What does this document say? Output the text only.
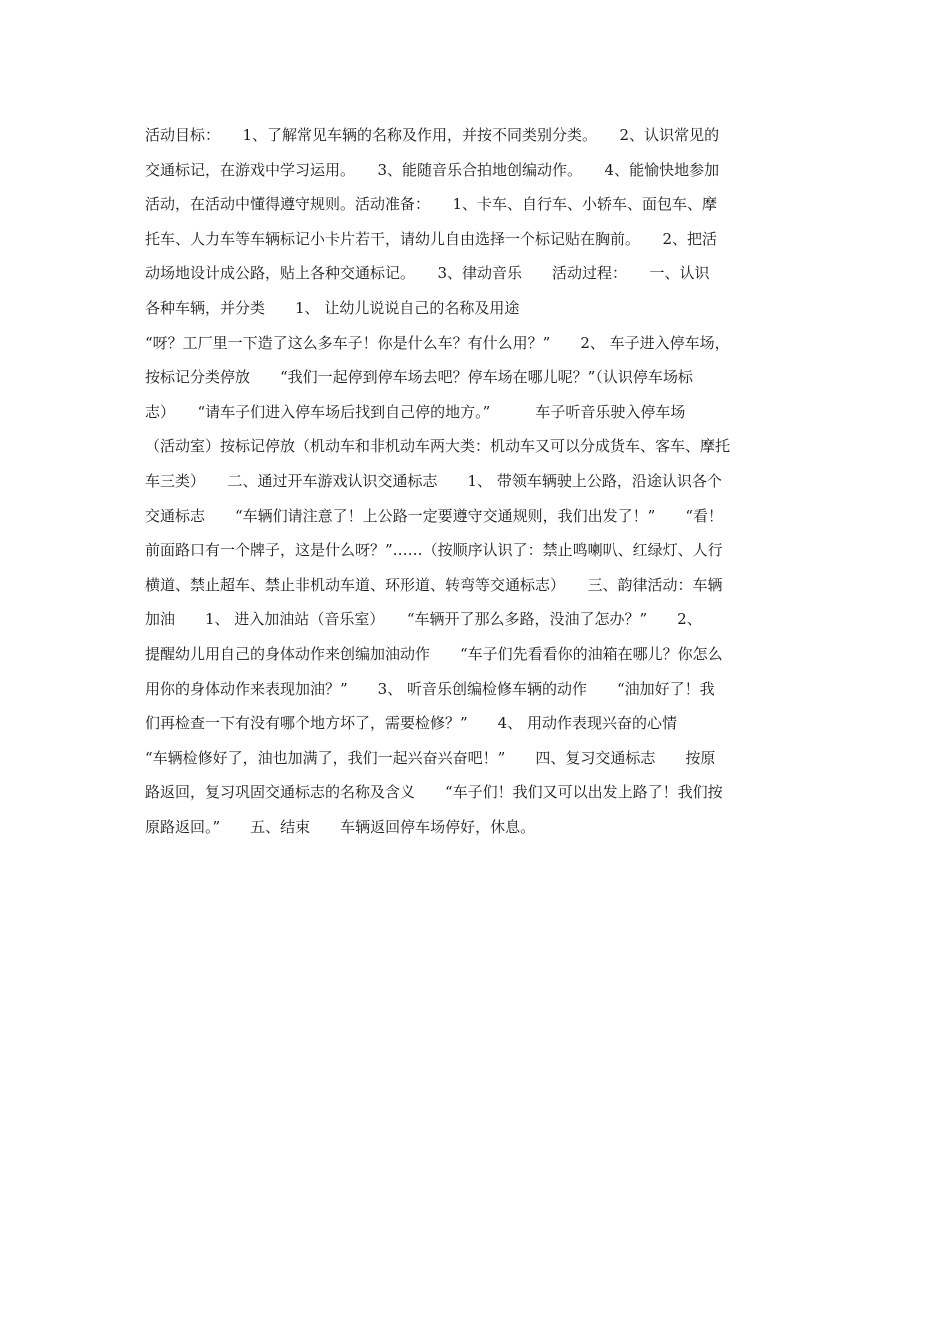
活动目标：　　1、了解常见车辆的名称及作用，并按不同类别分类。　　2、认识常见的
交通标记，在游戏中学习运用。　　3、能随音乐合拍地创编动作。　　4、能愉快地参加
活动，在活动中懂得遵守规则。活动准备：　　1、卡车、自行车、小轿车、面包车、摩
托车、人力车等车辆标记小卡片若干，请幼儿自由选择一个标记贴在胸前。　　2、把活
动场地设计成公路，贴上各种交通标记。　　3、律动音乐　　活动过程：　　一、认识
各种车辆，并分类　　1、 让幼儿说说自己的名称及用途
“呀？工厂里一下造了这么多车子！你是什么车？有什么用？”　　2、 车子进入停车场，
按标记分类停放　　“我们一起停到停车场去吧？停车场在哪儿呢？”（认识停车场标
志）　　“请车子们进入停车场后找到自己停的地方。”　　　车子听音乐驶入停车场
（活动室）按标记停放（机动车和非机动车两大类：机动车又可以分成货车、客车、摩托
车三类）　　二、通过开车游戏认识交通标志　　1、 带领车辆驶上公路，沿途认识各个
交通标志　　“车辆们请注意了！上公路一定要遵守交通规则，我们出发了！”　　“看！
前面路口有一个牌子，这是什么呀？”……（按顺序认识了：禁止鸣喇叭、红绿灯、人行
横道、禁止超车、禁止非机动车道、环形道、转弯等交通标志）　　三、韵律活动：车辆
加油　　1、 进入加油站（音乐室）　　“车辆开了那么多路，没油了怎办？”　　2、
提醒幼儿用自己的身体动作来创编加油动作　　“车子们先看看你的油箱在哪儿？你怎么
用你的身体动作来表现加油？”　　3、 听音乐创编检修车辆的动作　　“油加好了！我
们再检查一下有没有哪个地方坏了，需要检修？”　　4、 用动作表现兴奋的心情
“车辆检修好了，油也加满了，我们一起兴奋兴奋吧！”　　四、复习交通标志　　按原
路返回，复习巩固交通标志的名称及含义　　“车子们！我们又可以出发上路了！我们按
原路返回。”　　五、结束　　车辆返回停车场停好，休息。
